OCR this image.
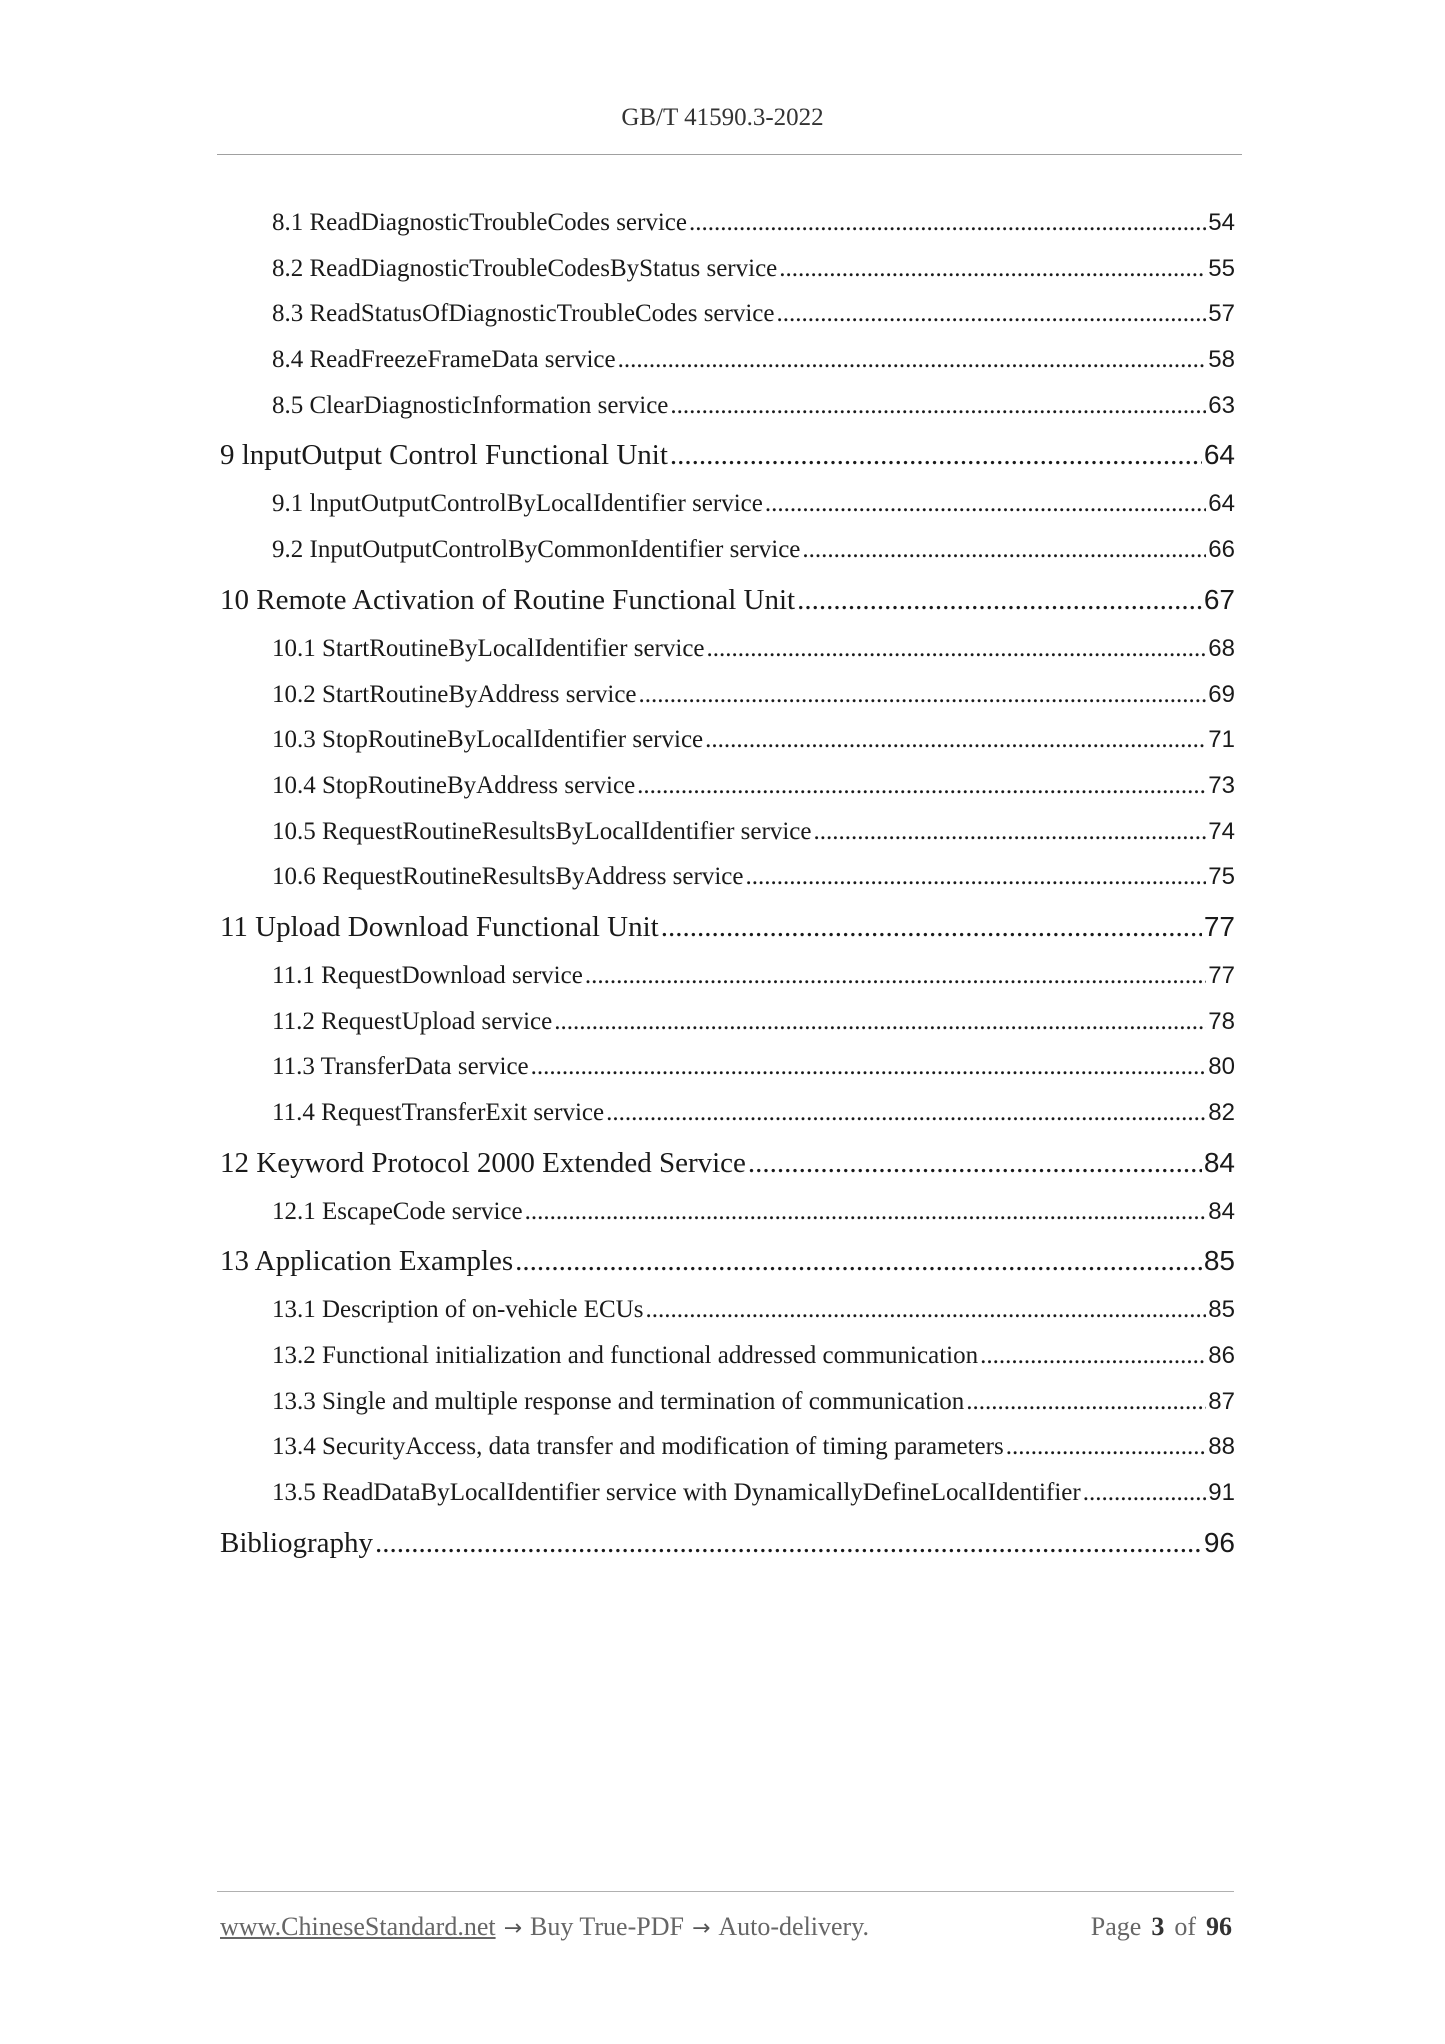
GB/T 41590.3-2022
8.1 ReadDiagnosticTroubleCodes service .....	54
8.2 ReadDiagnosticTroubleCodesByStatus service .....	55
8.3 ReadStatusOfDiagnosticTroubleCodes service .....	57
8.4 ReadFreezeFrameData service .....	58
8.5 ClearDiagnosticInformation service .....	63
9 lnputOutput Control Functional Unit .....	64
9.1 lnputOutputControlByLocalIdentifier service .....	64
9.2 InputOutputControlByCommonIdentifier service .....	66
10 Remote Activation of Routine Functional Unit .....	67
10.1 StartRoutineByLocalIdentifier service .....	68
10.2 StartRoutineByAddress service .....	69
10.3 StopRoutineByLocalIdentifier service .....	71
10.4 StopRoutineByAddress service .....	73
10.5 RequestRoutineResultsByLocalIdentifier service .....	74
10.6 RequestRoutineResultsByAddress service .....	75
11 Upload Download Functional Unit .....	77
11.1 RequestDownload service .....	77
11.2 RequestUpload service .....	78
11.3 TransferData service .....	80
11.4 RequestTransferExit service .....	82
12 Keyword Protocol 2000 Extended Service .....	84
12.1 EscapeCode service .....	84
13 Application Examples .....	85
13.1 Description of on-vehicle ECUs .....	85
13.2 Functional initialization and functional addressed communication .....	86
13.3 Single and multiple response and termination of communication .....	87
13.4 SecurityAccess, data transfer and modification of timing parameters .....	88
13.5 ReadDataByLocalIdentifier service with DynamicallyDefineLocalIdentifier .....	91
Bibliography .....	96
www.ChineseStandard.net → Buy True-PDF → Auto-delivery.	Page 3 of 96
